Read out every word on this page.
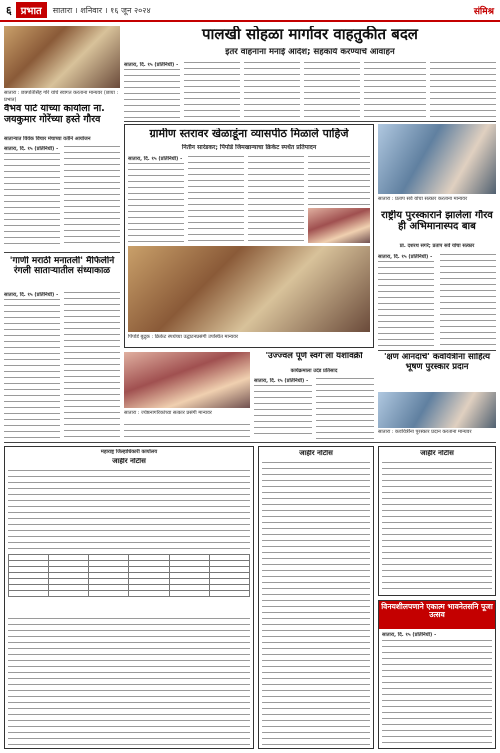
६ प्रभात	सातारा । शनिवार । १६ जून २०२४	संमिश्र
सातारा : छत्रपतिसिंह गोरे यांचे स्वागत करताना मान्यवर (छाया : प्रभात)
वैभव पाटे यांच्या कार्याला ना. जयकुमार गोरेंच्या हस्ते गौरव
साताऱ्यात विवेक विचार मंचाच्या वतीने आयोजन
सातारा, दि. १५ (प्रतिनिधी) -
पालखी सोहळा मार्गावर वाहतुकीत बदल
इतर वाहनांना मनाई आदेश; सहकार्य करण्याचे आवाहन
सातारा, दि. १५ (प्रतिनिधी) -
ग्रामीण स्तरावर खेळाडूंना व्यासपीठ मिळाले पाहिजे
नितीन सारंडकर; पिंपोडे जिमखान्याचा क्रिकेट स्पर्धेत प्रतिपादन
सातारा, दि. १५ (प्रतिनिधी) -
पिंपोडे बुद्रुक : क्रिकेट स्पर्धेच्या उद्घाटनप्रसंगी उपस्थित मान्यवर
सातारा : प्रताप सर्व यांचा सत्कार करताना मान्यवर
राष्ट्रीय पुरस्काराने झालेला गौरव ही अभिमानास्पद बाब
प्रा. दशरथ सगरे; प्रताप सर्व यांचा सत्कार
सातारा, दि. १५ (प्रतिनिधी) -
'गाणी मराठी मनातली' मैफिलीने रंगली साताऱ्यातील संध्याकाळ
सातारा, दि. १५ (प्रतिनिधी) -
सातारा : ज्येष्ठनागरिकांच्या सत्कार प्रसंगी मान्यवर
'उज्ज्वल पूर्ण स्वर्ग'ला यशावक्री
कार्यक्रमाला उदंड प्रतिसाद
सातारा, दि. १५ (प्रतिनिधी) -
'क्षण आनंदाचे' कवयित्रींना साहित्य भूषण पुरस्कार प्रदान
सातारा : कवयित्रींना पुरस्कार प्रदान करताना मान्यवर
महाराष्ट्र जिल्हाधिकारी कार्यालय
जाहीर नोटीस

जाहीर नोटीस	जाहीर नोटीस
विनयशीलपणाने एकात्म भावनेतसनि पूजा उत्सव
सातारा, दि. १५ (प्रतिनिधी) -
